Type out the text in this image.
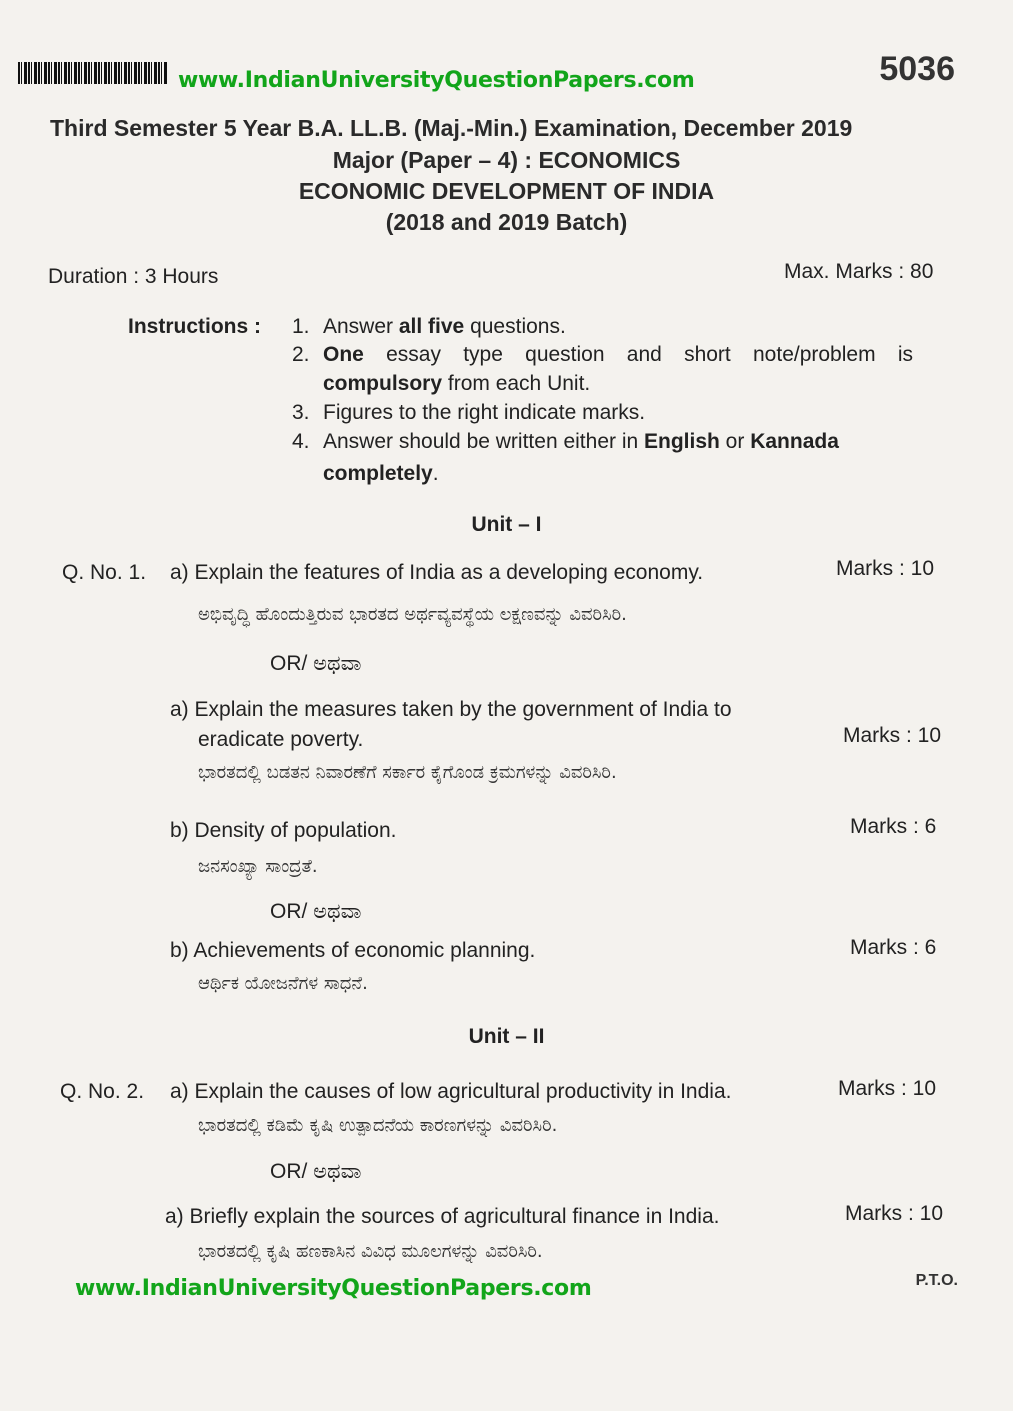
www.IndianUniversityQuestionPapers.com	5036
Third Semester 5 Year B.A. LL.B. (Maj.-Min.) Examination, December 2019
Major (Paper – 4) : ECONOMICS
ECONOMIC DEVELOPMENT OF INDIA
(2018 and 2019 Batch)
Duration : 3 Hours	Max. Marks : 80
Instructions : 1. Answer all five questions.
2. One essay type question and short note/problem is
compulsory from each Unit.
3. Figures to the right indicate marks.
4. Answer should be written either in English or Kannada
completely.
Unit – I
Q. No. 1. a) Explain the features of India as a developing economy.	Marks : 10
ಅಭಿವೃದ್ಧಿ ಹೊಂದುತ್ತಿರುವ ಭಾರತದ ಅರ್ಥವ್ಯವಸ್ಥೆಯ ಲಕ್ಷಣವನ್ನು ವಿವರಿಸಿರಿ.
OR/ ಅಥವಾ
a) Explain the measures taken by the government of India to
eradicate poverty.	Marks : 10
ಭಾರತದಲ್ಲಿ ಬಡತನ ನಿವಾರಣೆಗೆ ಸರ್ಕಾರ ಕೈಗೊಂಡ ಕ್ರಮಗಳನ್ನು ವಿವರಿಸಿರಿ.
b) Density of population.	Marks : 6
ಜನಸಂಖ್ಯಾ ಸಾಂದ್ರತೆ.
OR/ ಅಥವಾ
b) Achievements of economic planning.	Marks : 6
ಆರ್ಥಿಕ ಯೋಜನೆಗಳ ಸಾಧನೆ.
Unit – II
Q. No. 2. a) Explain the causes of low agricultural productivity in India.	Marks : 10
ಭಾರತದಲ್ಲಿ ಕಡಿಮೆ ಕೃಷಿ ಉತ್ಪಾದನೆಯ ಕಾರಣಗಳನ್ನು ವಿವರಿಸಿರಿ.
OR/ ಅಥವಾ
a) Briefly explain the sources of agricultural finance in India.	Marks : 10
ಭಾರತದಲ್ಲಿ ಕೃಷಿ ಹಣಕಾಸಿನ ವಿವಿಧ ಮೂಲಗಳನ್ನು ವಿವರಿಸಿರಿ.
www.IndianUniversityQuestionPapers.com	P.T.O.
